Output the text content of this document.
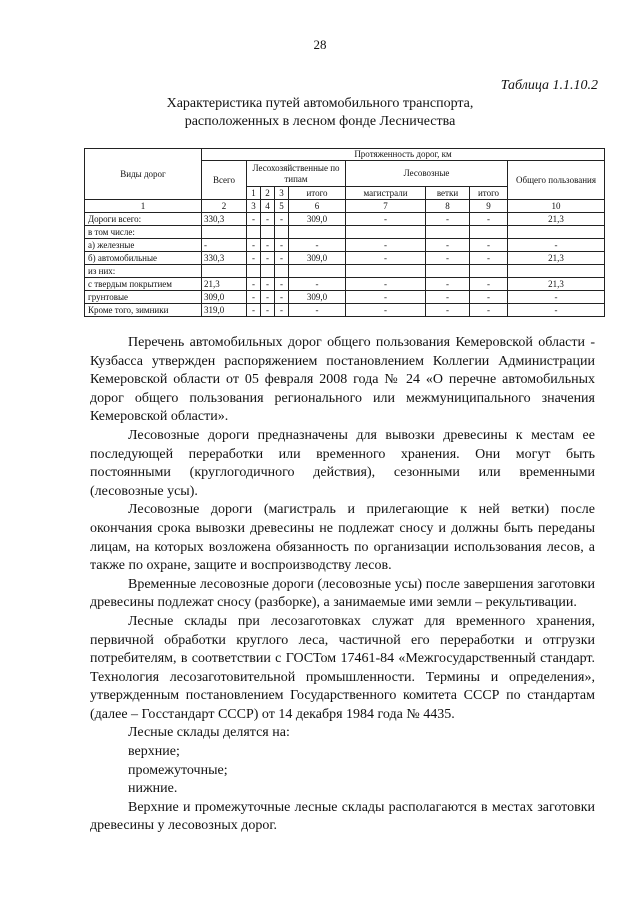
28
Таблица 1.1.10.2
Характеристика путей автомобильного транспорта,
расположенных в лесном фонде Лесничества
Виды дорог	Протяженность дорог, км								
	Всего	Лесохозяйственные по типам				Лесовозные			Общего пользования
		1	2	3	итого	магистрали	ветки	итого	
1	2	3	4	5	6	7	8	9	10
Дороги всего:	330,3	-	-	-	309,0	-	-	-	21,3
в том числе:									
а) железные	-	-	-	-	-	-	-	-	-
б) автомобильные	330,3	-	-	-	309,0	-	-	-	21,3
из них:									
с твердым покрытием	21,3	-	-	-	-	-	-	-	21,3
грунтовые	309,0	-	-	-	309,0	-	-	-	-
Кроме того, зимники	319,0	-	-	-	-	-	-	-	-

Перечень автомобильных дорог общего пользования Кемеровской области - Кузбасса утвержден распоряжением постановлением Коллегии Администрации Кемеровской области от 05 февраля 2008 года № 24 «О перечне автомобильных дорог общего пользования регионального или межмуниципального значения Кемеровской области».

Лесовозные дороги предназначены для вывозки древесины к местам ее последующей переработки или временного хранения. Они могут быть постоянными (круглогодичного действия), сезонными или временными (лесовозные усы).

Лесовозные дороги (магистраль и прилегающие к ней ветки) после окончания срока вывозки древесины не подлежат сносу и должны быть переданы лицам, на которых возложена обязанность по организации использования лесов, а также по охране, защите и воспроизводству лесов.

Временные лесовозные дороги (лесовозные усы) после завершения заготовки древесины подлежат сносу (разборке), а занимаемые ими земли – рекультивации.

Лесные склады при лесозаготовках служат для временного хранения, первичной обработки круглого леса, частичной его переработки и отгрузки потребителям, в соответствии с ГОСТом 17461-84 «Межгосударственный стандарт. Технология лесозаготовительной промышленности. Термины и определения», утвержденным постановлением Государственного комитета СССР по стандартам (далее – Госстандарт СССР) от 14 декабря 1984 года № 4435.

Лесные склады делятся на:

верхние;

промежуточные;

нижние.

Верхние и промежуточные лесные склады располагаются в местах заготовки древесины у лесовозных дорог.
